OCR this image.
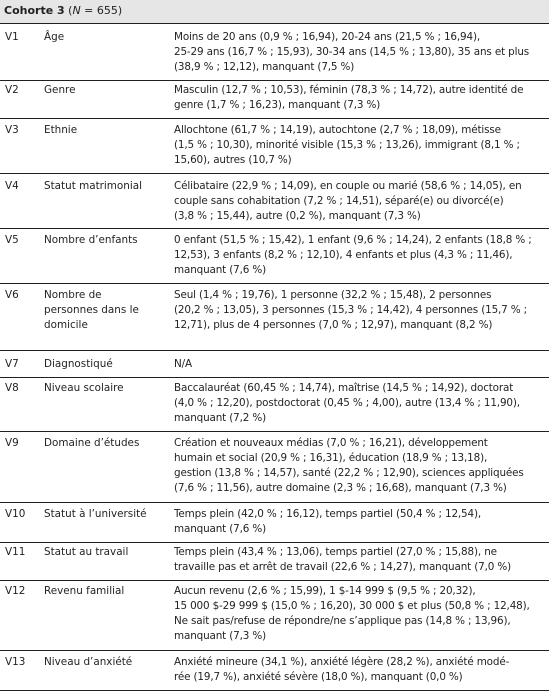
Cohorte 3 (N = 655)
V1	Âge	Moins de 20 ans (0,9 % ; 16,94), 20-24 ans (21,5 % ; 16,94),
25-29 ans (16,7 % ; 15,93), 30-34 ans (14,5 % ; 13,80), 35 ans et plus
(38,9 % ; 12,12), manquant (7,5 %)
V2	Genre	Masculin (12,7 % ; 10,53), féminin (78,3 % ; 14,72), autre identité de
genre (1,7 % ; 16,23), manquant (7,3 %)
V3	Ethnie	Allochtone (61,7 % ; 14,19), autochtone (2,7 % ; 18,09), métisse
(1,5 % ; 10,30), minorité visible (15,3 % ; 13,26), immigrant (8,1 % ;
15,60), autres (10,7 %)
V4	Statut matrimonial	Célibataire (22,9 % ; 14,09), en couple ou marié (58,6 % ; 14,05), en
couple sans cohabitation (7,2 % ; 14,51), séparé(e) ou divorcé(e)
(3,8 % ; 15,44), autre (0,2 %), manquant (7,3 %)
V5	Nombre d’enfants	0 enfant (51,5 % ; 15,42), 1 enfant (9,6 % ; 14,24), 2 enfants (18,8 % ;
12,53), 3 enfants (8,2 % ; 12,10), 4 enfants et plus (4,3 % ; 11,46),
manquant (7,6 %)
V6	Nombre de
personnes dans le
domicile
Seul (1,4 % ; 19,76), 1 personne (32,2 % ; 15,48), 2 personnes
(20,2 % ; 13,05), 3 personnes (15,3 % ; 14,42), 4 personnes (15,7 % ;
12,71), plus de 4 personnes (7,0 % ; 12,97), manquant (8,2 %)
V7	Diagnostiqué	N/A
V8	Niveau scolaire	Baccalauréat (60,45 % ; 14,74), maîtrise (14,5 % ; 14,92), doctorat
(4,0 % ; 12,20), postdoctorat (0,45 % ; 4,00), autre (13,4 % ; 11,90),
manquant (7,2 %)
V9	Domaine d’études	Création et nouveaux médias (7,0 % ; 16,21), développement
humain et social (20,9 % ; 16,31), éducation (18,9 % ; 13,18),
gestion (13,8 % ; 14,57), santé (22,2 % ; 12,90), sciences appliquées
(7,6 % ; 11,56), autre domaine (2,3 % ; 16,68), manquant (7,3 %)
V10	Statut à l’université	Temps plein (42,0 % ; 16,12), temps partiel (50,4 % ; 12,54),
manquant (7,6 %)
V11	Statut au travail	Temps plein (43,4 % ; 13,06), temps partiel (27,0 % ; 15,88), ne
travaille pas et arrêt de travail (22,6 % ; 14,27), manquant (7,0 %)
V12	Revenu familial	Aucun revenu (2,6 % ; 15,99), 1 $-14 999 $ (9,5 % ; 20,32),
15 000 $-29 999 $ (15,0 % ; 16,20), 30 000 $ et plus (50,8 % ; 12,48),
Ne sait pas/refuse de répondre/ne s’applique pas (14,8 % ; 13,96),
manquant (7,3 %)
V13	Niveau d’anxiété	Anxiété mineure (34,1 %), anxiété légère (28,2 %), anxiété modé-
rée (19,7 %), anxiété sévère (18,0 %), manquant (0,0 %)
